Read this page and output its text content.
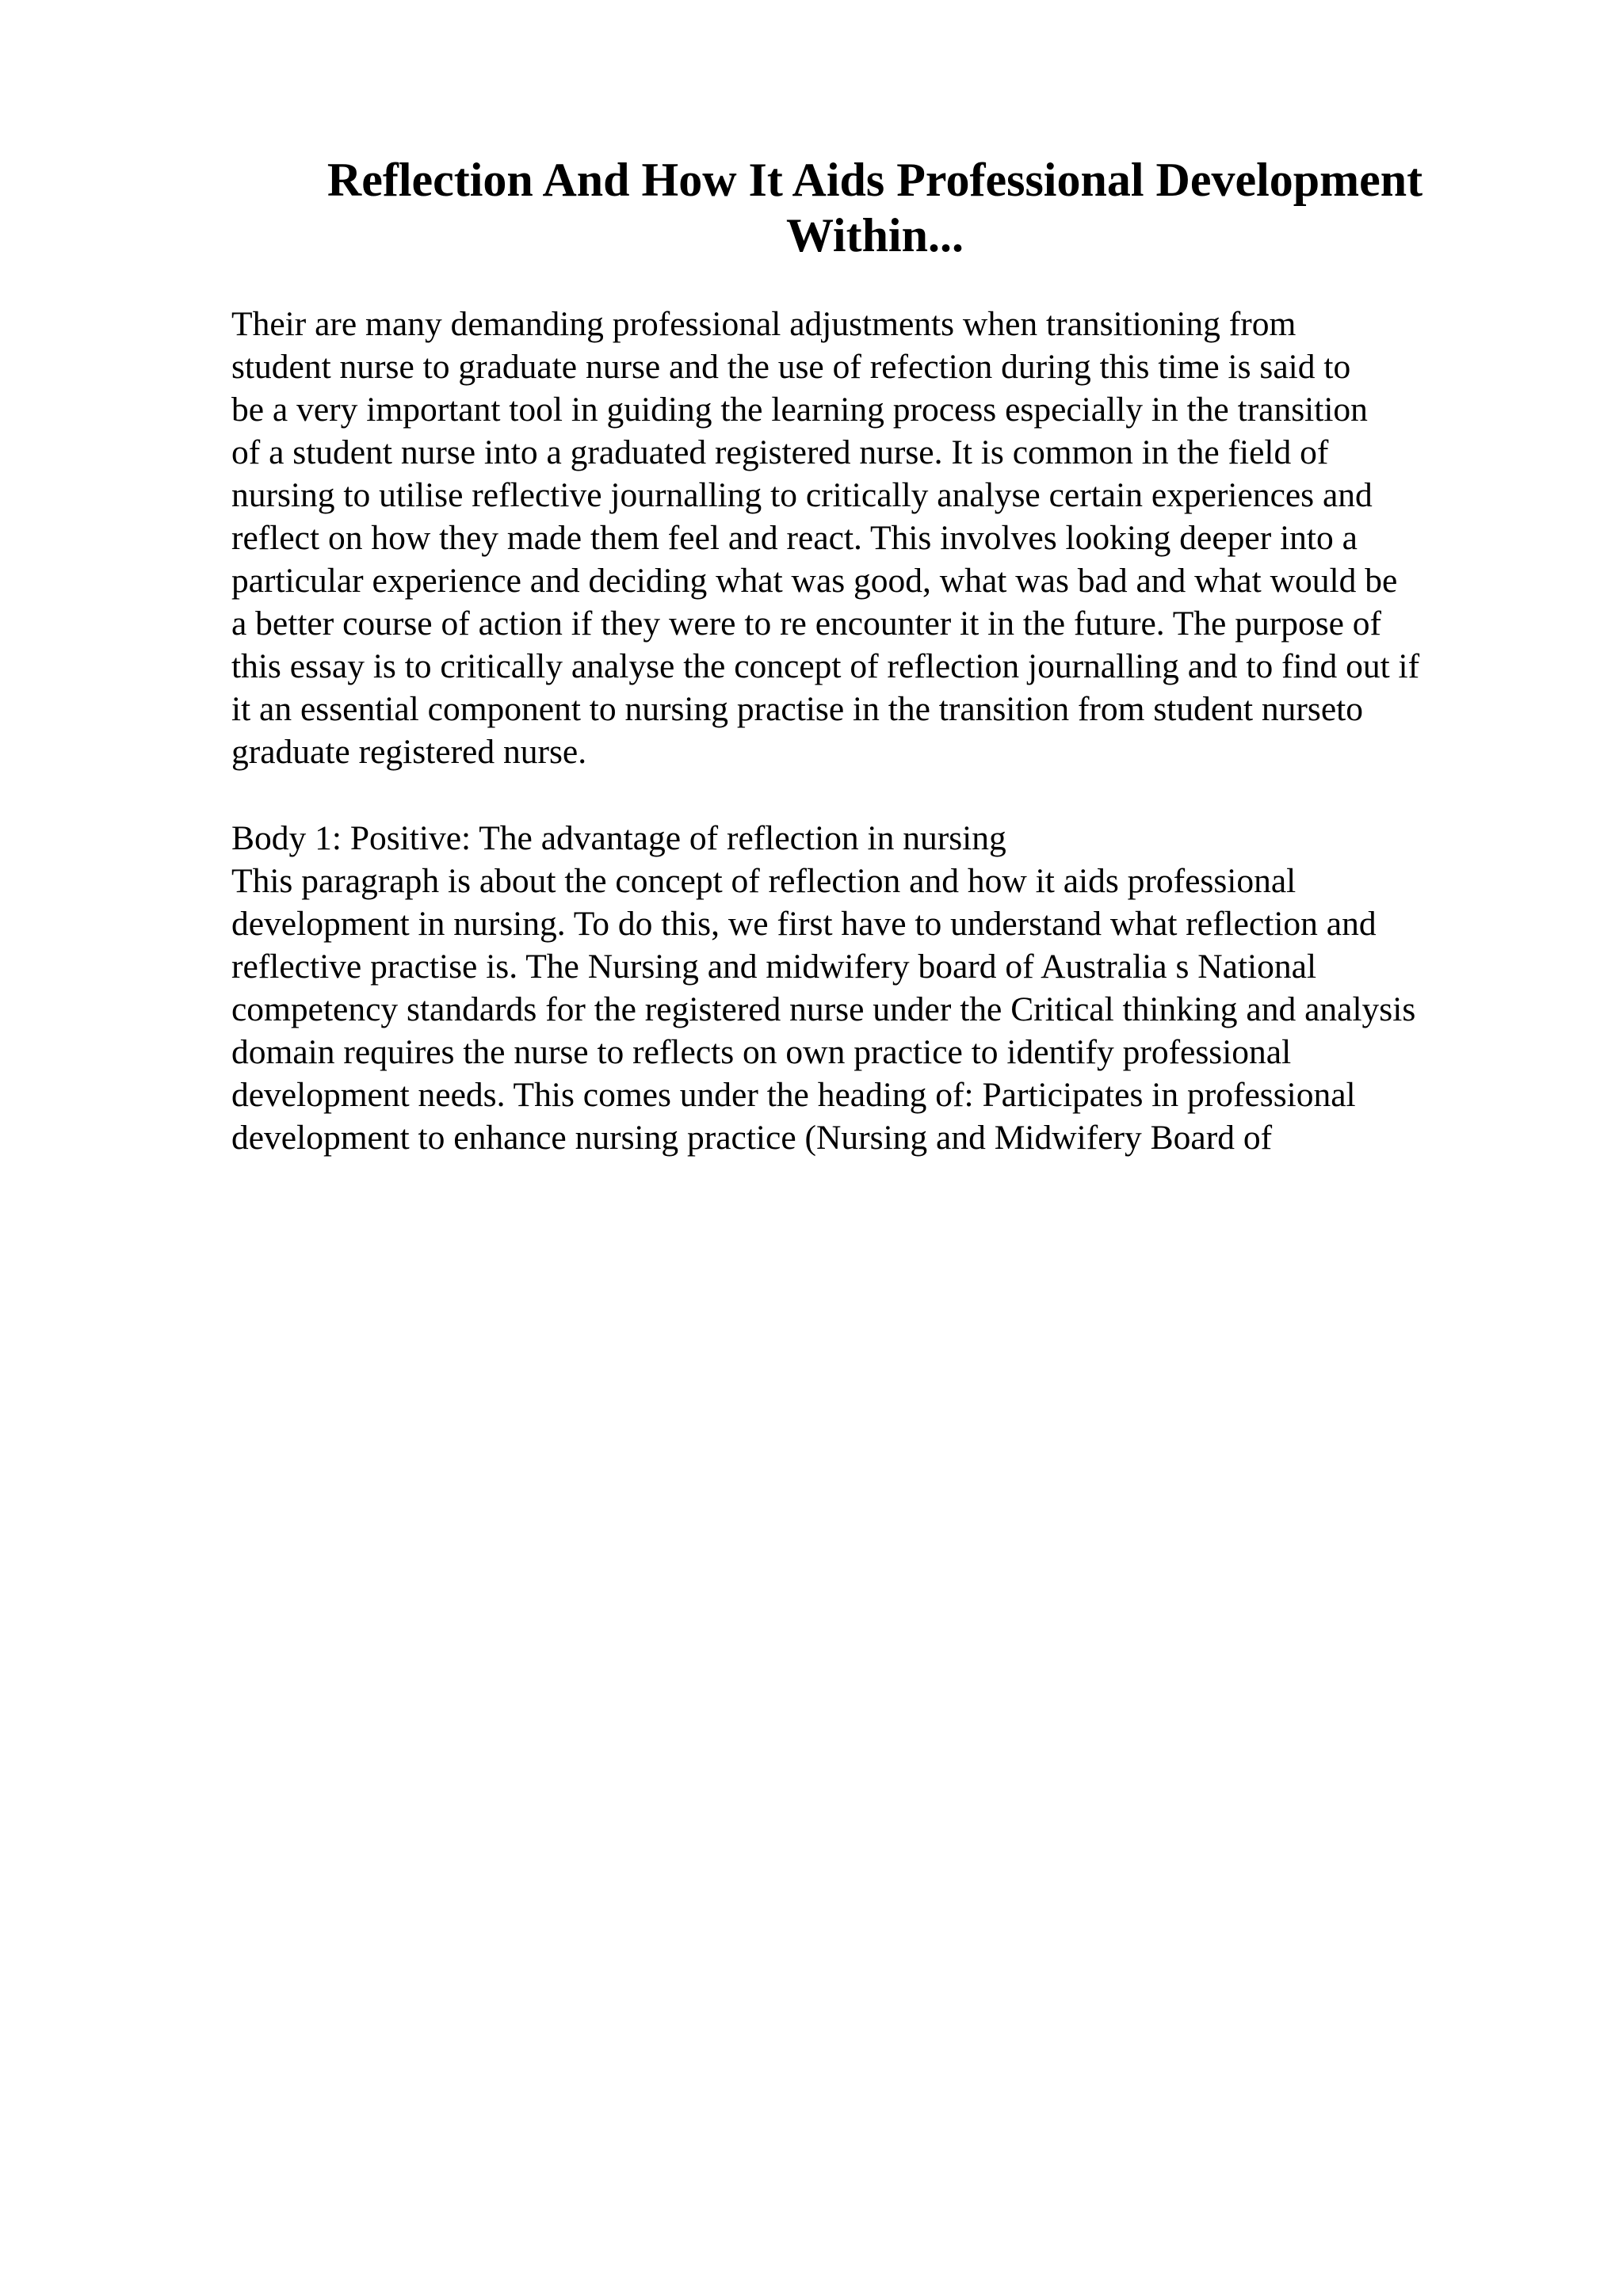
Reflection And How It Aids Professional Development
Within...
Their are many demanding professional adjustments when transitioning from
student nurse to graduate nurse and the use of refection during this time is said to
be a very important tool in guiding the learning process especially in the transition
of a student nurse into a graduated registered nurse. It is common in the field of
nursing to utilise reflective journalling to critically analyse certain experiences and
reflect on how they made them feel and react. This involves looking deeper into a
particular experience and deciding what was good, what was bad and what would be
a better course of action if they were to re encounter it in the future. The purpose of
this essay is to critically analyse the concept of reflection journalling and to find out if
it an essential component to nursing practise in the transition from student nurseto
graduate registered nurse.
Body 1: Positive: The advantage of reflection in nursing
This paragraph is about the concept of reflection and how it aids professional
development in nursing. To do this, we first have to understand what reflection and
reflective practise is. The Nursing and midwifery board of Australia s National
competency standards for the registered nurse under the Critical thinking and analysis
domain requires the nurse to reflects on own practice to identify professional
development needs. This comes under the heading of: Participates in professional
development to enhance nursing practice (Nursing and Midwifery Board of
